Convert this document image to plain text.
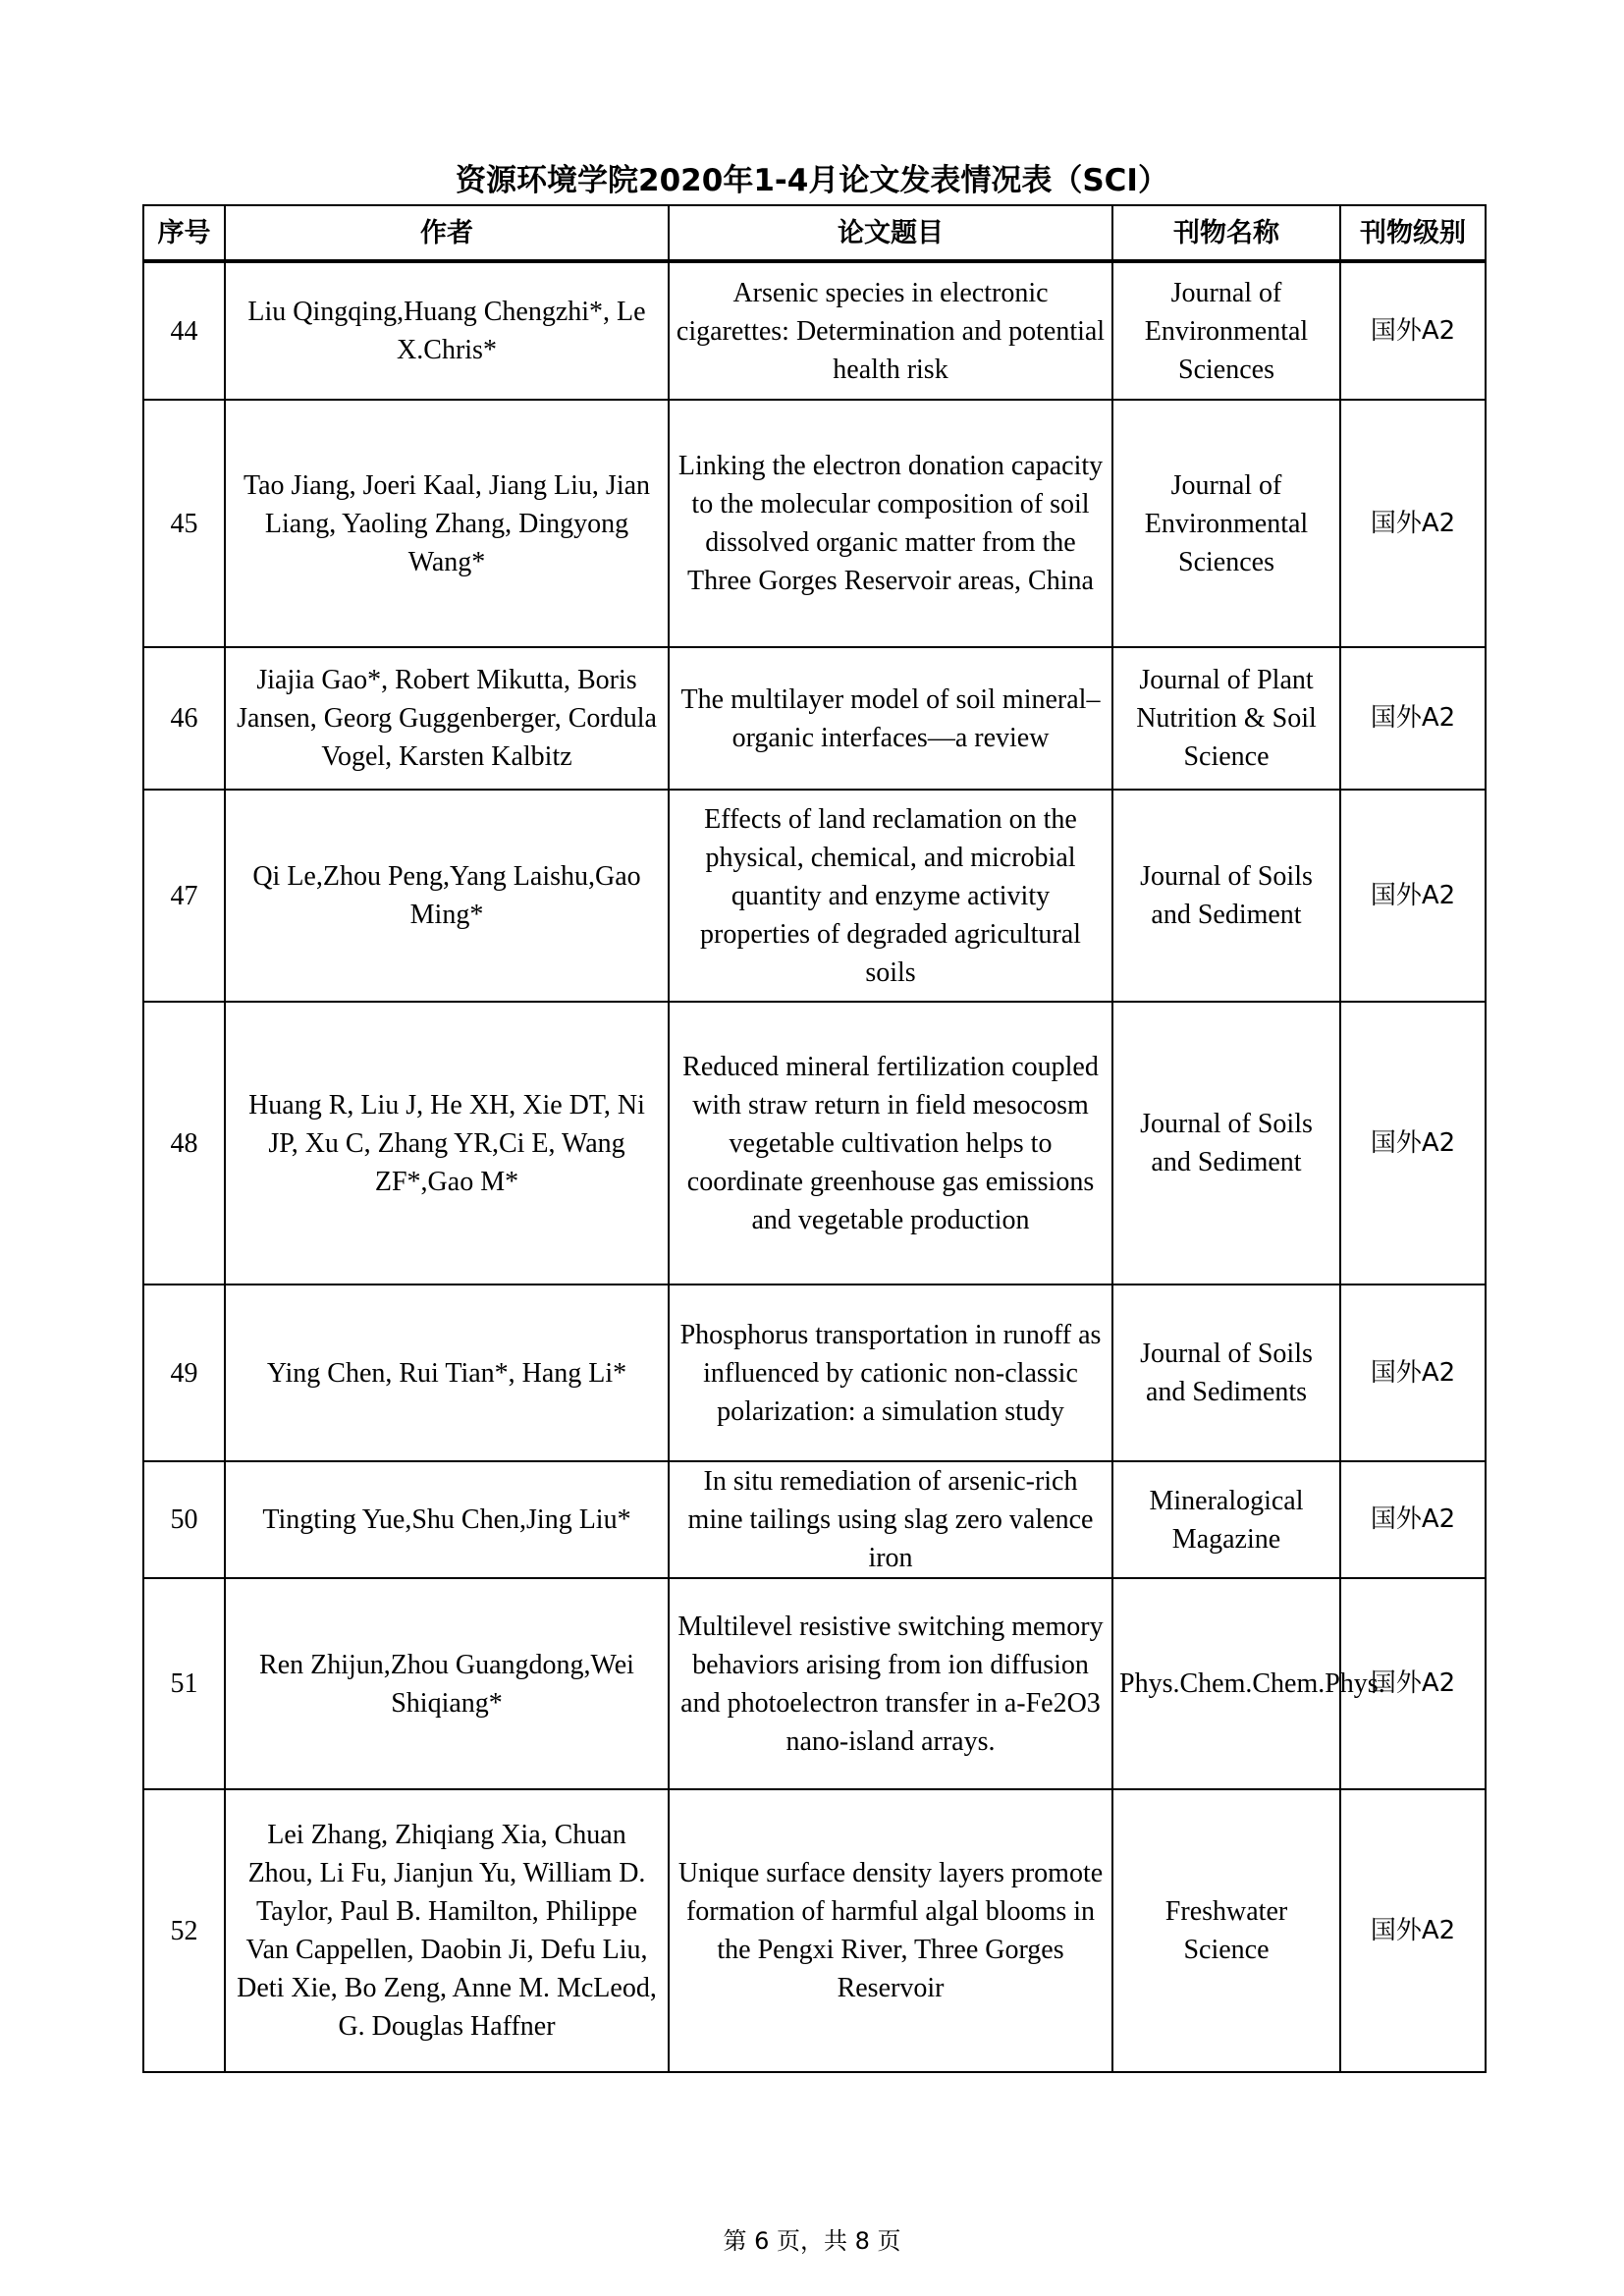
资源环境学院2020年1-4月论文发表情况表（SCI）
序号	作者	论文题目	刊物名称	刊物级别
44	Liu Qingqing,Huang Chengzhi*, Le X.Chris*	Arsenic species in electronic cigarettes: Determination and potential health risk	Journal of Environmental Sciences	国外A2
45	Tao Jiang, Joeri Kaal, Jiang Liu, Jian Liang, Yaoling Zhang, Dingyong Wang*	Linking the electron donation capacity to the molecular composition of soil dissolved organic matter from the Three Gorges Reservoir areas, China	Journal of Environmental Sciences	国外A2
46	Jiajia Gao*, Robert Mikutta, Boris Jansen, Georg Guggenberger, Cordula Vogel, Karsten Kalbitz	The multilayer model of soil mineral–organic interfaces—a review	Journal of Plant Nutrition & Soil Science	国外A2
47	Qi Le,Zhou Peng,Yang Laishu,Gao Ming*	Effects of land reclamation on the physical, chemical, and microbial quantity and enzyme activity properties of degraded agricultural soils	Journal of Soils and Sediment	国外A2
48	Huang R, Liu J, He XH, Xie DT, Ni JP, Xu C, Zhang YR,Ci E, Wang ZF*,Gao M*	Reduced mineral fertilization coupled with straw return in field mesocosm vegetable cultivation helps to coordinate greenhouse gas emissions and vegetable production	Journal of Soils and Sediment	国外A2
49	Ying Chen, Rui Tian*, Hang Li*	Phosphorus transportation in runoff as influenced by cationic non-classic polarization: a simulation study	Journal of Soils and Sediments	国外A2
50	Tingting Yue,Shu Chen,Jing Liu*	In situ remediation of arsenic-rich mine tailings using slag zero valence iron	Mineralogical Magazine	国外A2
51	Ren Zhijun,Zhou Guangdong,Wei Shiqiang*	Multilevel resistive switching memory behaviors arising from ion diffusion and photoelectron transfer in a-Fe2O3 nano-island arrays.	Phys.Chem.Chem.Phys.	国外A2
52	Lei Zhang, Zhiqiang Xia, Chuan Zhou, Li Fu, Jianjun Yu, William D. Taylor, Paul B. Hamilton, Philippe Van Cappellen, Daobin Ji, Defu Liu, Deti Xie, Bo Zeng, Anne M. McLeod, G. Douglas Haffner	Unique surface density layers promote formation of harmful algal blooms in the Pengxi River, Three Gorges Reservoir	Freshwater Science	国外A2
第 6 页，共 8 页
